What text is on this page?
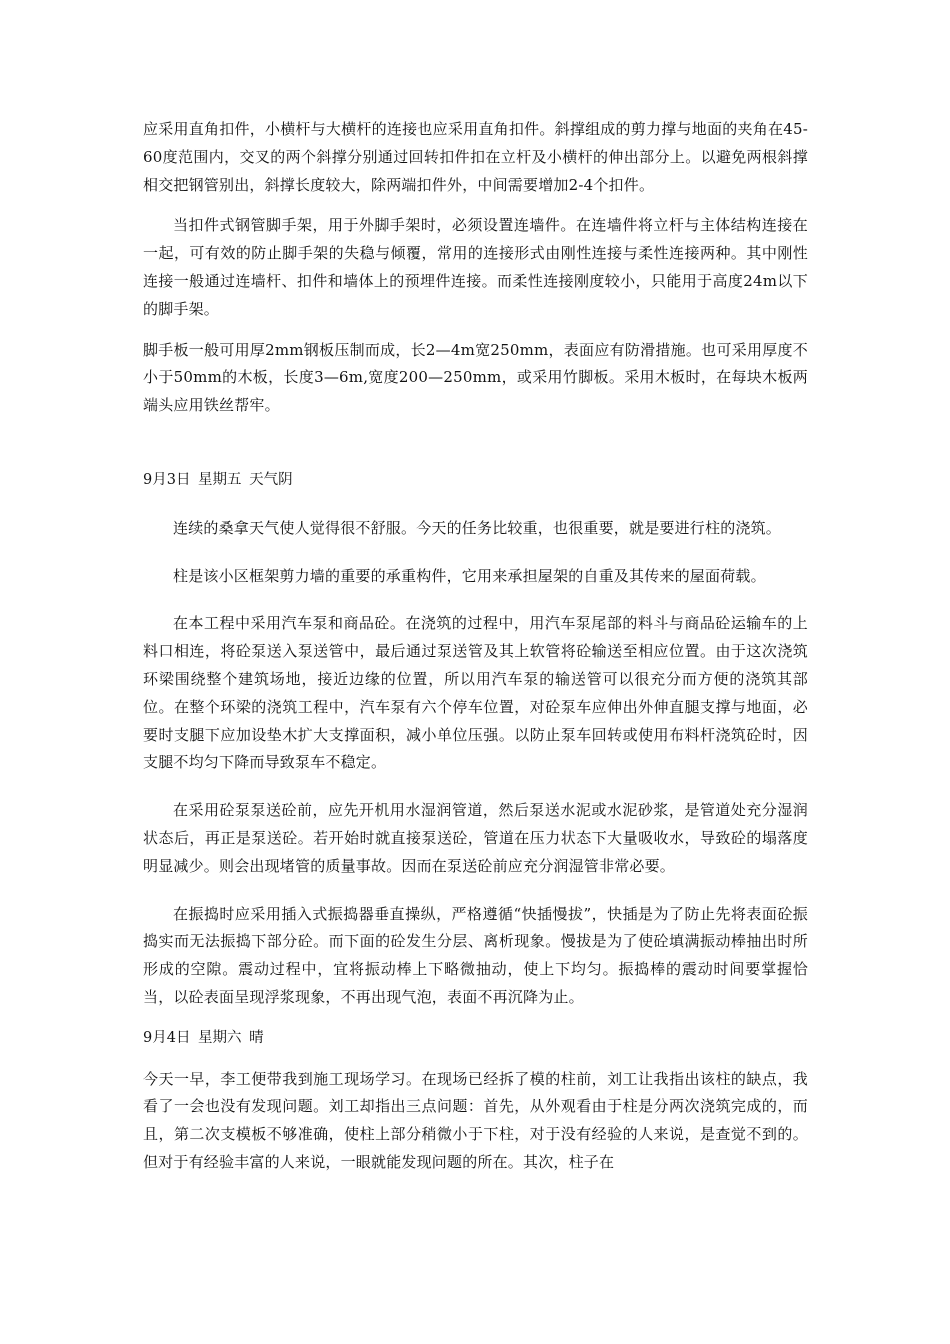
应采用直角扣件，小横杆与大横杆的连接也应采用直角扣件。斜撑组成的剪力撑与地面的夹角在45-60度范围内，交叉的两个斜撑分别通过回转扣件扣在立杆及小横杆的伸出部分上。以避免两根斜撑相交把钢管别出，斜撑长度较大，除两端扣件外，中间需要增加2-4个扣件。

当扣件式钢管脚手架，用于外脚手架时，必须设置连墙件。在连墙件将立杆与主体结构连接在一起，可有效的防止脚手架的失稳与倾覆，常用的连接形式由刚性连接与柔性连接两种。其中刚性连接一般通过连墙杆、扣件和墙体上的预埋件连接。而柔性连接刚度较小，只能用于高度24m以下的脚手架。

脚手板一般可用厚2mm钢板压制而成，长2—4m宽250mm，表面应有防滑措施。也可采用厚度不小于50mm的木板，长度3—6m,宽度200—250mm，或采用竹脚板。采用木板时，在每块木板两端头应用铁丝帮牢。

9月3日 星期五 天气阴

连续的桑拿天气使人觉得很不舒服。今天的任务比较重，也很重要，就是要进行柱的浇筑。

柱是该小区框架剪力墙的重要的承重构件，它用来承担屋架的自重及其传来的屋面荷载。

在本工程中采用汽车泵和商品砼。在浇筑的过程中，用汽车泵尾部的料斗与商品砼运输车的上料口相连，将砼泵送入泵送管中，最后通过泵送管及其上软管将砼输送至相应位置。由于这次浇筑环梁围绕整个建筑场地，接近边缘的位置，所以用汽车泵的输送管可以很充分而方便的浇筑其部位。在整个环梁的浇筑工程中，汽车泵有六个停车位置，对砼泵车应伸出外伸直腿支撑与地面，必要时支腿下应加设垫木扩大支撑面积，减小单位压强。以防止泵车回转或使用布料杆浇筑砼时，因支腿不均匀下降而导致泵车不稳定。

在采用砼泵泵送砼前，应先开机用水湿润管道，然后泵送水泥或水泥砂浆，是管道处充分湿润状态后，再正是泵送砼。若开始时就直接泵送砼，管道在压力状态下大量吸收水，导致砼的塌落度明显减少。则会出现堵管的质量事故。因而在泵送砼前应充分润湿管非常必要。

在振捣时应采用插入式振捣器垂直操纵，严格遵循“快插慢拔”，快插是为了防止先将表面砼振捣实而无法振捣下部分砼。而下面的砼发生分层、离析现象。慢拔是为了使砼填满振动棒抽出时所形成的空隙。震动过程中，宜将振动棒上下略微抽动，使上下均匀。振捣棒的震动时间要掌握恰当，以砼表面呈现浮浆现象，不再出现气泡，表面不再沉降为止。

9月4日 星期六 晴

今天一早，李工便带我到施工现场学习。在现场已经拆了模的柱前，刘工让我指出该柱的缺点，我看了一会也没有发现问题。刘工却指出三点问题：首先，从外观看由于柱是分两次浇筑完成的，而且，第二次支模板不够准确，使柱上部分稍微小于下柱，对于没有经验的人来说，是查觉不到的。但对于有经验丰富的人来说，一眼就能发现问题的所在。其次，柱子在
